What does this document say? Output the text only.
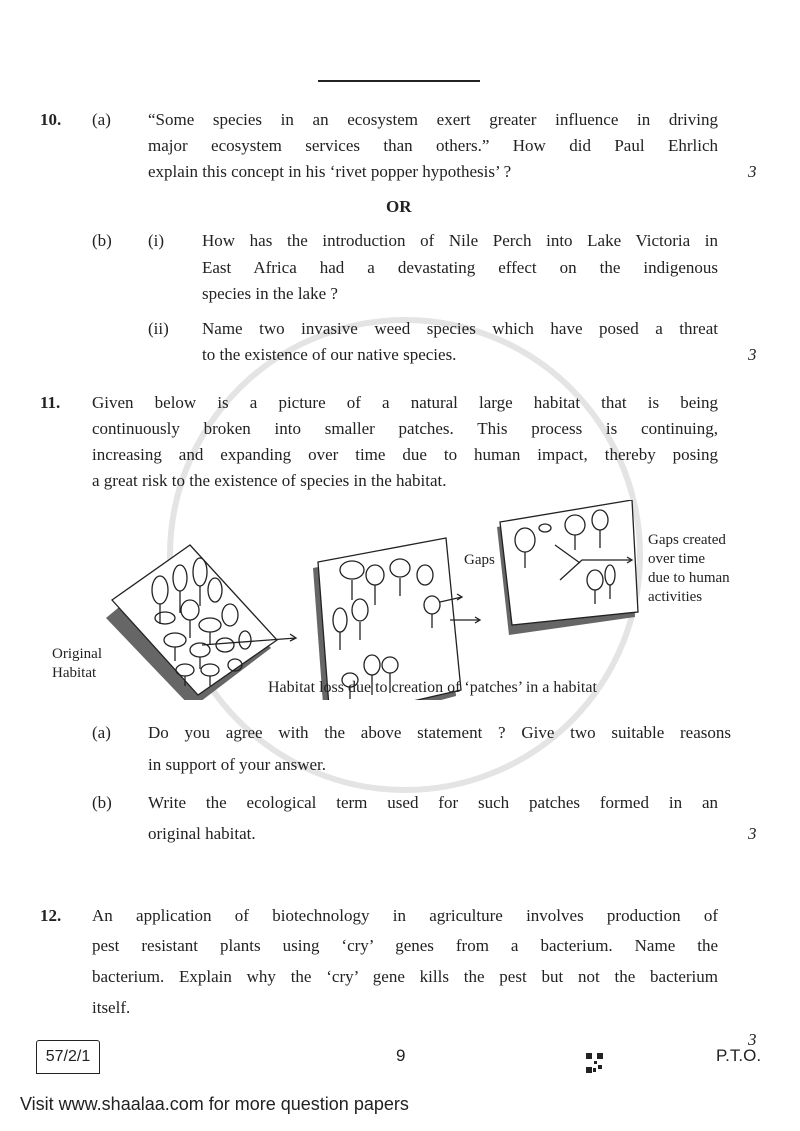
10. (a) “Some species in an ecosystem exert greater influence in driving
major ecosystem services than others.” How did Paul Ehrlich
explain this concept in his ‘rivet popper hypothesis’ ?	3
OR
(b) (i) How has the introduction of Nile Perch into Lake Victoria in
East Africa had a devastating effect on the indigenous
species in the lake ?
(ii) Name two invasive weed species which have posed a threat
to the existence of our native species.	3
11. Given below is a picture of a natural large habitat that is being
continuously broken into smaller patches. This process is continuing,
increasing and expanding over time due to human impact, thereby posing
a great risk to the existence of species in the habitat.
Original
Habitat
Gaps
Gaps created
over time
due to human
activities
Habitat loss due to creation of ‘patches’ in a habitat
(a) Do you agree with the above statement ? Give two suitable reasons
in support of your answer.
(b) Write the ecological term used for such patches formed in an
original habitat.	3
12. An application of biotechnology in agriculture involves production of
pest resistant plants using ‘cry’ genes from a bacterium. Name the
bacterium. Explain why the ‘cry’ gene kills the pest but not the bacterium
itself.
3
57/2/1	9	P.T.O.
Visit www.shaalaa.com for more question papers
